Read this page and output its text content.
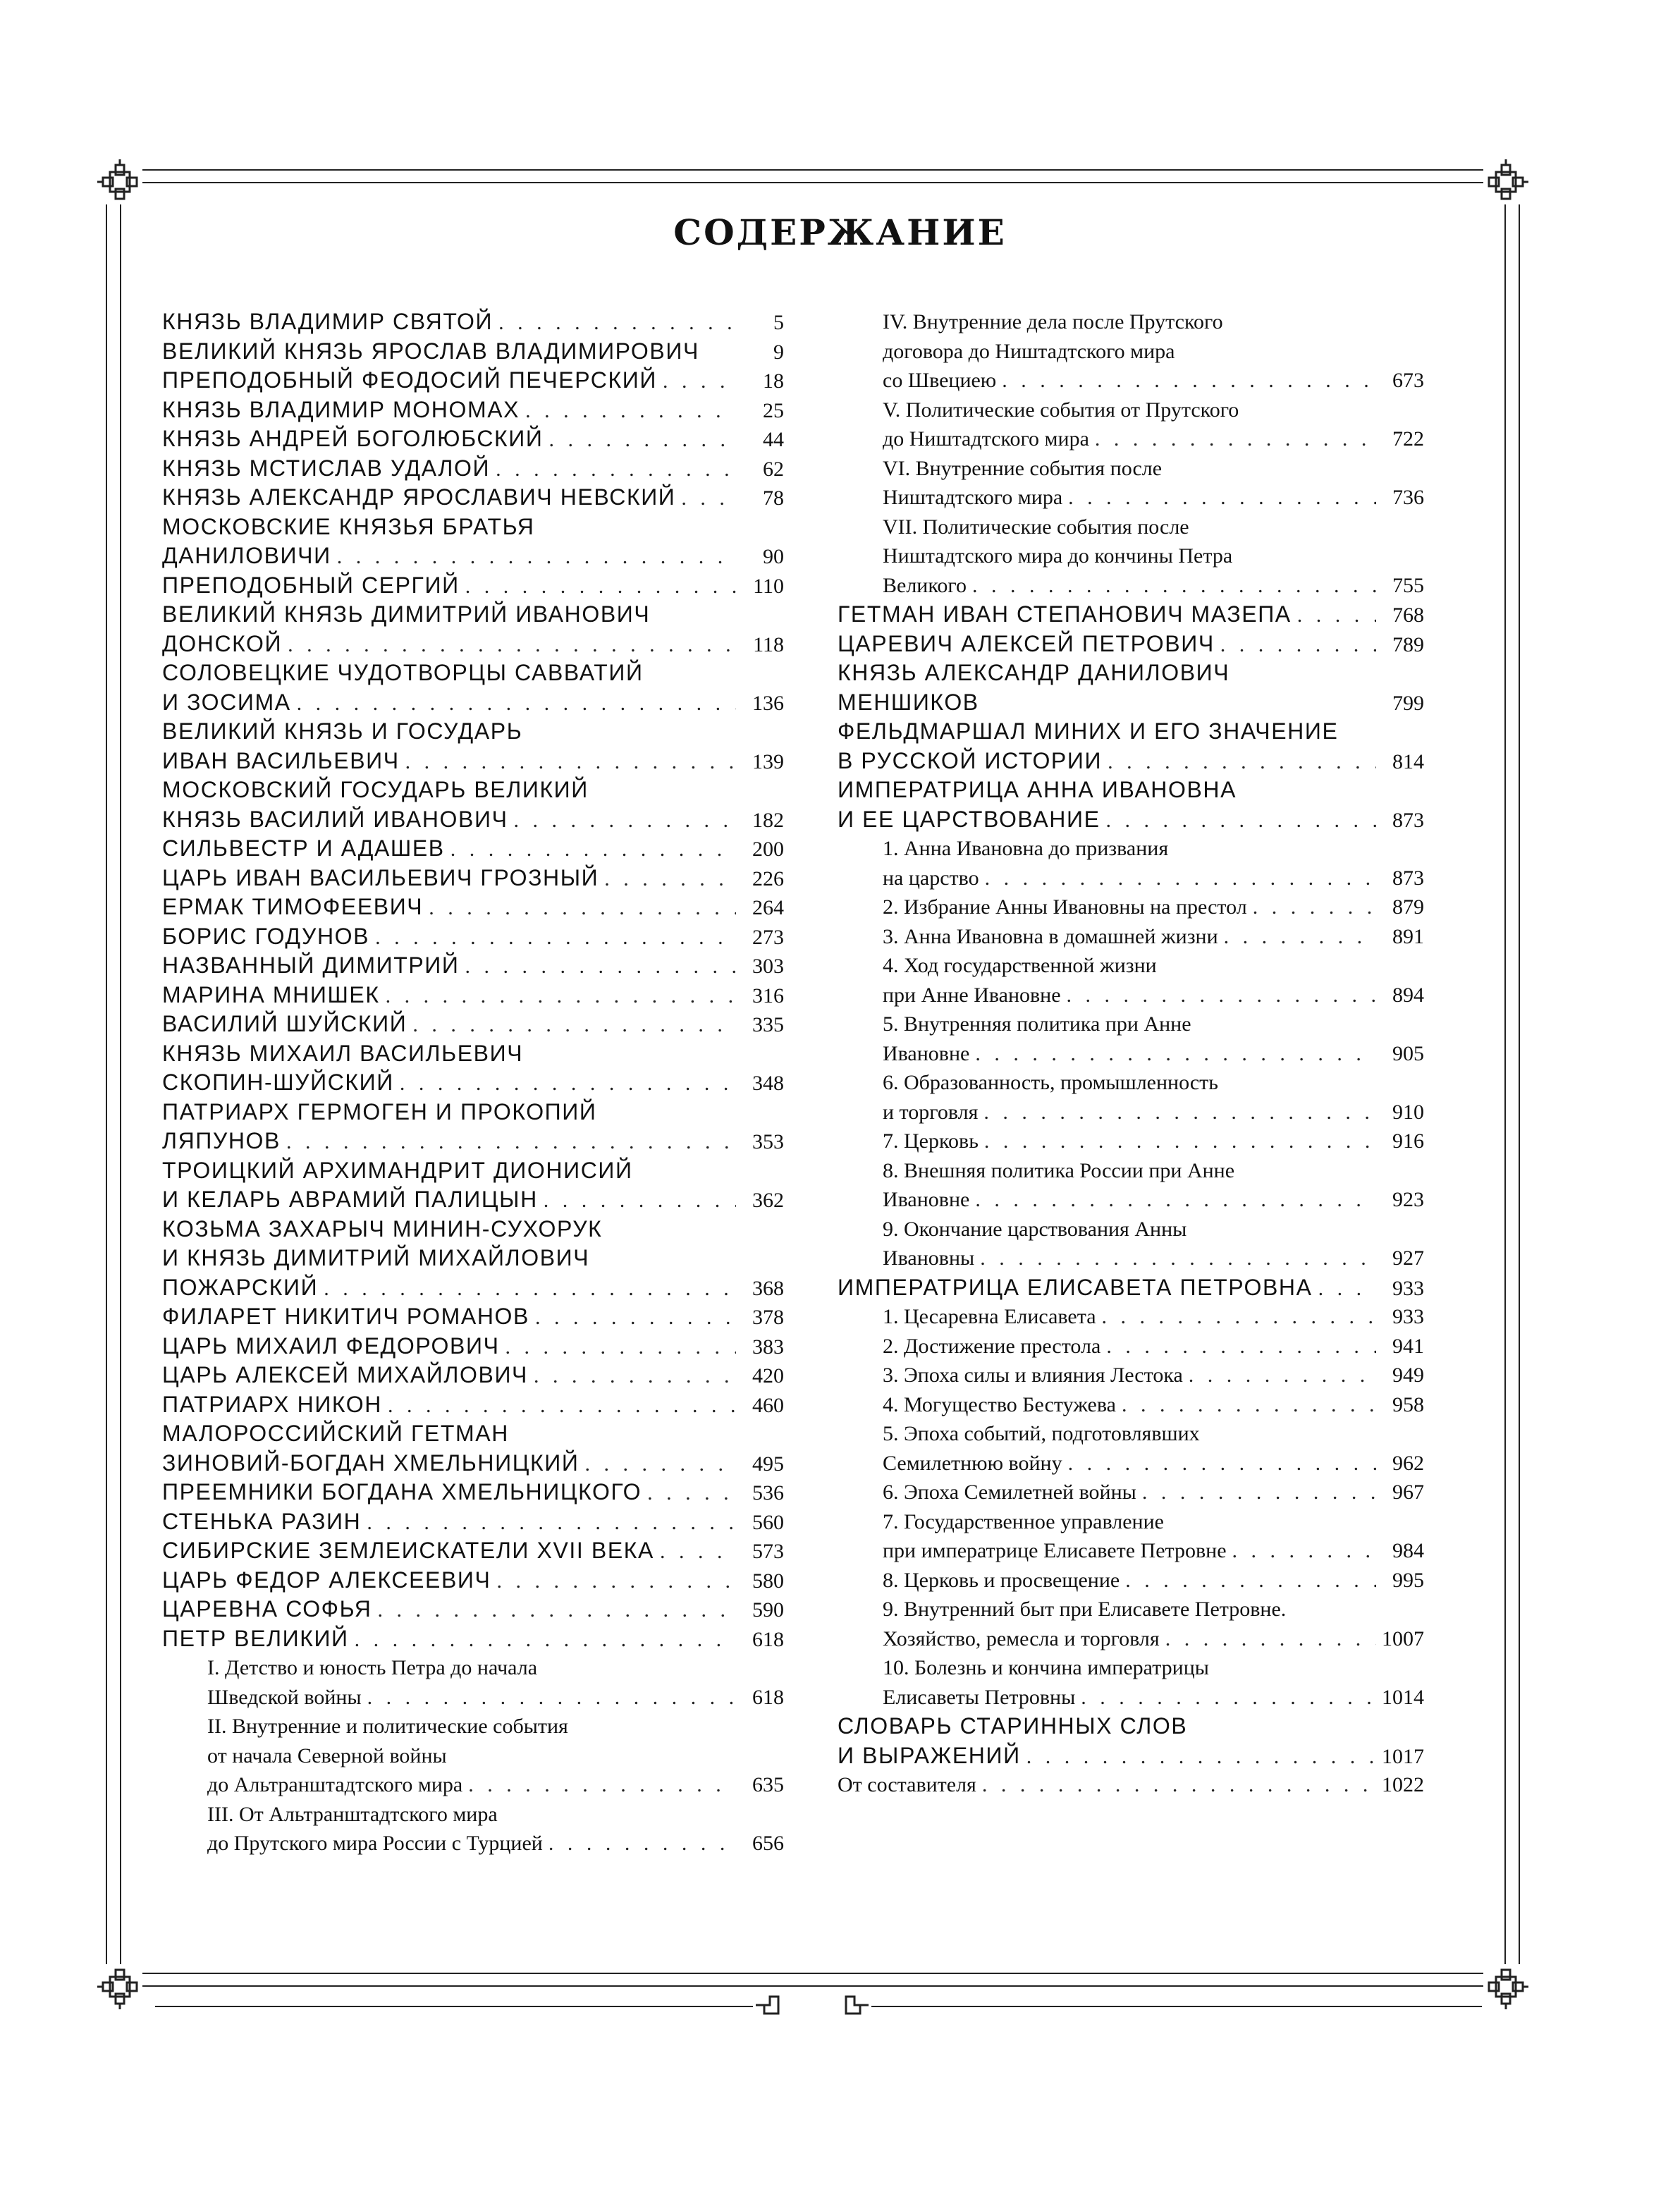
СОДЕРЖАНИЕ
КНЯЗЬ ВЛАДИМИР СВЯТОЙ . . .	5
ВЕЛИКИЙ КНЯЗЬ ЯРОСЛАВ ВЛАДИМИРОВИЧ	9
ПРЕПОДОБНЫЙ ФЕОДОСИЙ ПЕЧЕРСКИЙ . . .	18
КНЯЗЬ ВЛАДИМИР МОНОМАХ . . .	25
КНЯЗЬ АНДРЕЙ БОГОЛЮБСКИЙ . . .	44
КНЯЗЬ МСТИСЛАВ УДАЛОЙ . . .	62
КНЯЗЬ АЛЕКСАНДР ЯРОСЛАВИЧ НЕВСКИЙ . . .	78
МОСКОВСКИЕ КНЯЗЬЯ БРАТЬЯ
ДАНИЛОВИЧИ . . .	90
ПРЕПОДОБНЫЙ СЕРГИЙ . . .	110
ВЕЛИКИЙ КНЯЗЬ ДИМИТРИЙ ИВАНОВИЧ
ДОНСКОЙ . . .	118
СОЛОВЕЦКИЕ ЧУДОТВОРЦЫ САВВАТИЙ
И ЗОСИМА . . .	136
ВЕЛИКИЙ КНЯЗЬ И ГОСУДАРЬ
ИВАН ВАСИЛЬЕВИЧ . . .	139
МОСКОВСКИЙ ГОСУДАРЬ ВЕЛИКИЙ
КНЯЗЬ ВАСИЛИЙ ИВАНОВИЧ . . .	182
СИЛЬВЕСТР И АДАШЕВ . . .	200
ЦАРЬ ИВАН ВАСИЛЬЕВИЧ ГРОЗНЫЙ . . .	226
ЕРМАК ТИМОФЕЕВИЧ . . .	264
БОРИС ГОДУНОВ . . .	273
НАЗВАННЫЙ ДИМИТРИЙ . . .	303
МАРИНА МНИШЕК . . .	316
ВАСИЛИЙ ШУЙСКИЙ . . .	335
КНЯЗЬ МИХАИЛ ВАСИЛЬЕВИЧ
СКОПИН-ШУЙСКИЙ . . .	348
ПАТРИАРХ ГЕРМОГЕН И ПРОКОПИЙ
ЛЯПУНОВ . . .	353
ТРОИЦКИЙ АРХИМАНДРИТ ДИОНИСИЙ
И КЕЛАРЬ АВРАМИЙ ПАЛИЦЫН . . .	362
КОЗЬМА ЗАХАРЫЧ МИНИН-СУХОРУК
И КНЯЗЬ ДИМИТРИЙ МИХАЙЛОВИЧ
ПОЖАРСКИЙ . . .	368
ФИЛАРЕТ НИКИТИЧ РОМАНОВ . . .	378
ЦАРЬ МИХАИЛ ФЕДОРОВИЧ . . .	383
ЦАРЬ АЛЕКСЕЙ МИХАЙЛОВИЧ . . .	420
ПАТРИАРХ НИКОН . . .	460
МАЛОРОССИЙСКИЙ ГЕТМАН
ЗИНОВИЙ-БОГДАН ХМЕЛЬНИЦКИЙ . . .	495
ПРЕЕМНИКИ БОГДАНА ХМЕЛЬНИЦКОГО . . .	536
СТЕНЬКА РАЗИН . . .	560
СИБИРСКИЕ ЗЕМЛЕИСКАТЕЛИ XVII ВЕКА . . .	573
ЦАРЬ ФЕДОР АЛЕКСЕЕВИЧ . . .	580
ЦАРЕВНА СОФЬЯ . . .	590
ПЕТР ВЕЛИКИЙ . . .	618
I. Детство и юность Петра до начала
Шведской войны . . .	618
II. Внутренние и политические события
от начала Северной войны
до Альтранштадтского мира . . .	635
III. От Альтранштадтского мира
до Прутского мира России с Турцией . . .	656
IV. Внутренние дела после Прутского
договора до Ништадтского мира
со Швециею . . .	673
V. Политические события от Прутского
до Ништадтского мира . . .	722
VI. Внутренние события после
Ништадтского мира . . .	736
VII. Политические события после
Ништадтского мира до кончины Петра
Великого . . .	755
ГЕТМАН ИВАН СТЕПАНОВИЧ МАЗЕПА . . .	768
ЦАРЕВИЧ АЛЕКСЕЙ ПЕТРОВИЧ . . .	789
КНЯЗЬ АЛЕКСАНДР ДАНИЛОВИЧ
МЕНШИКОВ	799
ФЕЛЬДМАРШАЛ МИНИХ И ЕГО ЗНАЧЕНИЕ
В РУССКОЙ ИСТОРИИ . . .	814
ИМПЕРАТРИЦА АННА ИВАНОВНА
И ЕЕ ЦАРСТВОВАНИЕ . . .	873
1. Анна Ивановна до призвания
на царство . . .	873
2. Избрание Анны Ивановны на престол . . .	879
3. Анна Ивановна в домашней жизни . . .	891
4. Ход государственной жизни
при Анне Ивановне . . .	894
5. Внутренняя политика при Анне
Ивановне . . .	905
6. Образованность, промышленность
и торговля . . .	910
7. Церковь . . .	916
8. Внешняя политика России при Анне
Ивановне . . .	923
9. Окончание царствования Анны
Ивановны . . .	927
ИМПЕРАТРИЦА ЕЛИСАВЕТА ПЕТРОВНА . . .	933
1. Цесаревна Елисавета . . .	933
2. Достижение престола . . .	941
3. Эпоха силы и влияния Лестока . . .	949
4. Могущество Бестужева . . .	958
5. Эпоха событий, подготовлявших
Семилетнюю войну . . .	962
6. Эпоха Семилетней войны . . .	967
7. Государственное управление
при императрице Елисавете Петровне . . .	984
8. Церковь и просвещение . . .	995
9. Внутренний быт при Елисавете Петровне.
Хозяйство, ремесла и торговля . . .	1007
10. Болезнь и кончина императрицы
Елисаветы Петровны . . .	1014
СЛОВАРЬ СТАРИННЫХ СЛОВ
И ВЫРАЖЕНИЙ . . .	1017
От составителя . . .	1022
